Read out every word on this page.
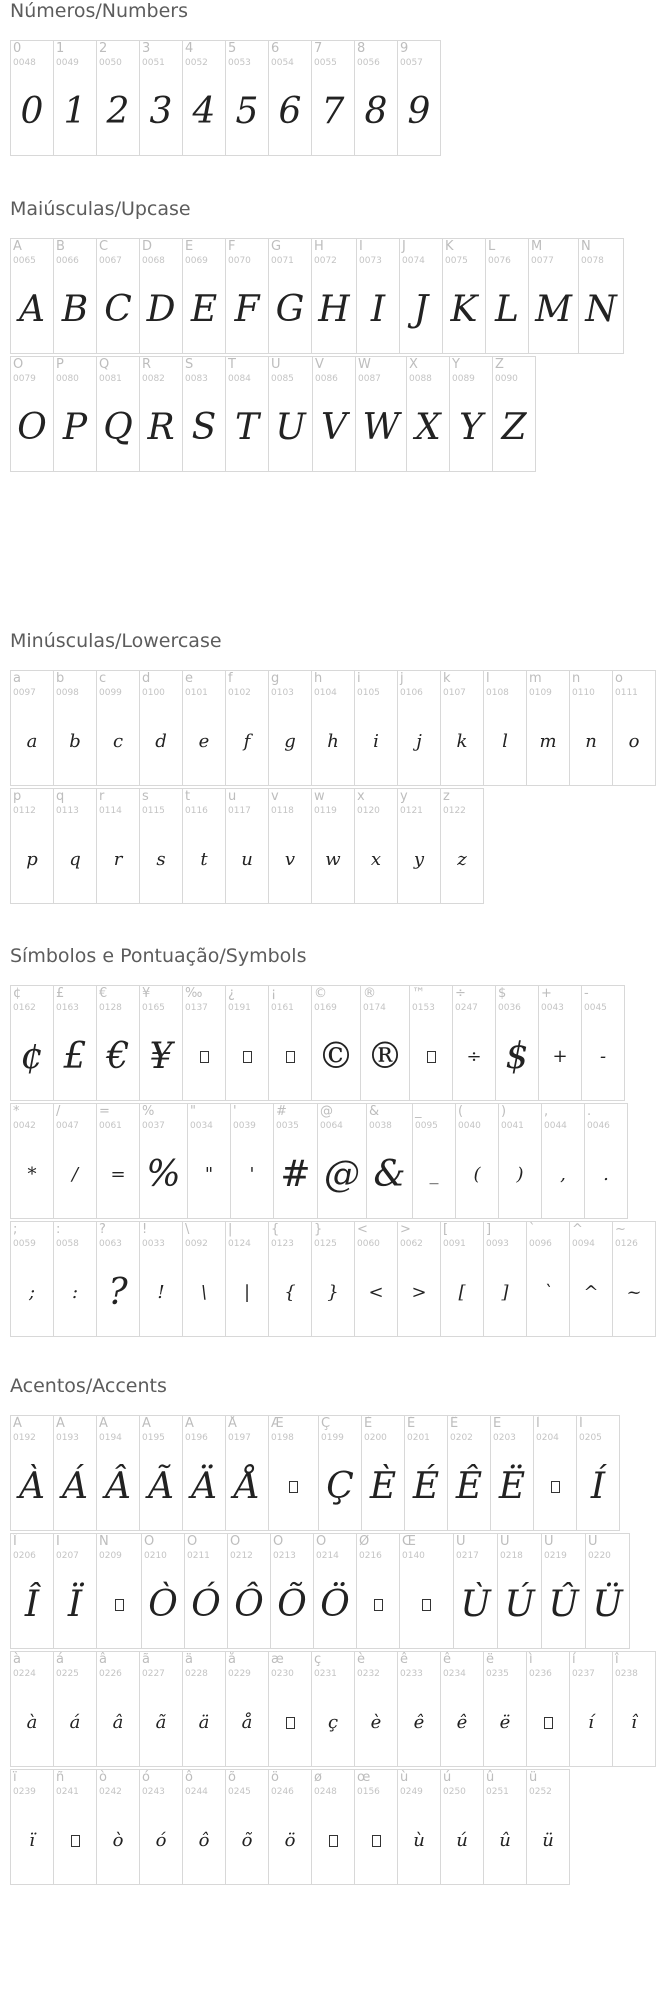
Números/Numbers
0
0048
0
1
0049
1
2
0050
2
3
0051
3
4
0052
4
5
0053
5
6
0054
6
7
0055
7
8
0056
8
9
0057
9
Maiúsculas/Upcase
A
0065
A
B
0066
B
C
0067
C
D
0068
D
E
0069
E
F
0070
F
G
0071
G
H
0072
H
I
0073
I
J
0074
J
K
0075
K
L
0076
L
M
0077
M
N
0078
N
O
0079
O
P
0080
P
Q
0081
Q
R
0082
R
S
0083
S
T
0084
T
U
0085
U
V
0086
V
W
0087
W
X
0088
X
Y
0089
Y
Z
0090
Z
Minúsculas/Lowercase
a
0097
a
b
0098
b
c
0099
c
d
0100
d
e
0101
e
f
0102
f
g
0103
g
h
0104
h
i
0105
i
j
0106
j
k
0107
k
l
0108
l
m
0109
m
n
0110
n
o
0111
o
p
0112
p
q
0113
q
r
0114
r
s
0115
s
t
0116
t
u
0117
u
v
0118
v
w
0119
w
x
0120
x
y
0121
y
z
0122
z
Símbolos e Pontuação/Symbols
¢
0162
¢
£
0163
£
€
0128
€
¥
0165
¥
‰
0137
¿
0191
¡
0161
©
0169
©
®
0174
®
™
0153
÷
0247
÷
$
0036
$
+
0043
+
-
0045
-
*
0042
*
/
0047
/
=
0061
=
%
0037
%
"
0034
"
'
0039
'
#
0035
#
@
0064
@
&
0038
&
_
0095
_
(
0040
(
)
0041
)
,
0044
,
.
0046
.
;
0059
;
:
0058
:
?
0063
?
!
0033
!
\
0092
\
|
0124
|
{
0123
{
}
0125
}
<
0060
<
>
0062
>
[
0091
[
]
0093
]
`
0096
`
^
0094
^
~
0126
~
Acentos/Accents
À
0192
À
Á
0193
Á
Â
0194
Â
Ã
0195
Ã
Ä
0196
Ä
Å
0197
Å
Æ
0198
Ç
0199
Ç
È
0200
È
É
0201
É
Ê
0202
Ê
Ë
0203
Ë
Ì
0204
Í
0205
Í
Î
0206
Î
Ï
0207
Ï
Ñ
0209
Ò
0210
Ò
Ó
0211
Ó
Ô
0212
Ô
Õ
0213
Õ
Ö
0214
Ö
Ø
0216
Œ
0140
Ù
0217
Ù
Ú
0218
Ú
Û
0219
Û
Ü
0220
Ü
à
0224
à
á
0225
á
â
0226
â
ã
0227
ã
ä
0228
ä
å
0229
å
æ
0230
ç
0231
ç
è
0232
è
ê
0233
ê
ê
0234
ê
ë
0235
ë
ì
0236
í
0237
í
î
0238
î
ï
0239
ï
ñ
0241
ò
0242
ò
ó
0243
ó
ô
0244
ô
õ
0245
õ
ö
0246
ö
ø
0248
œ
0156
ù
0249
ù
ú
0250
ú
û
0251
û
ü
0252
ü
